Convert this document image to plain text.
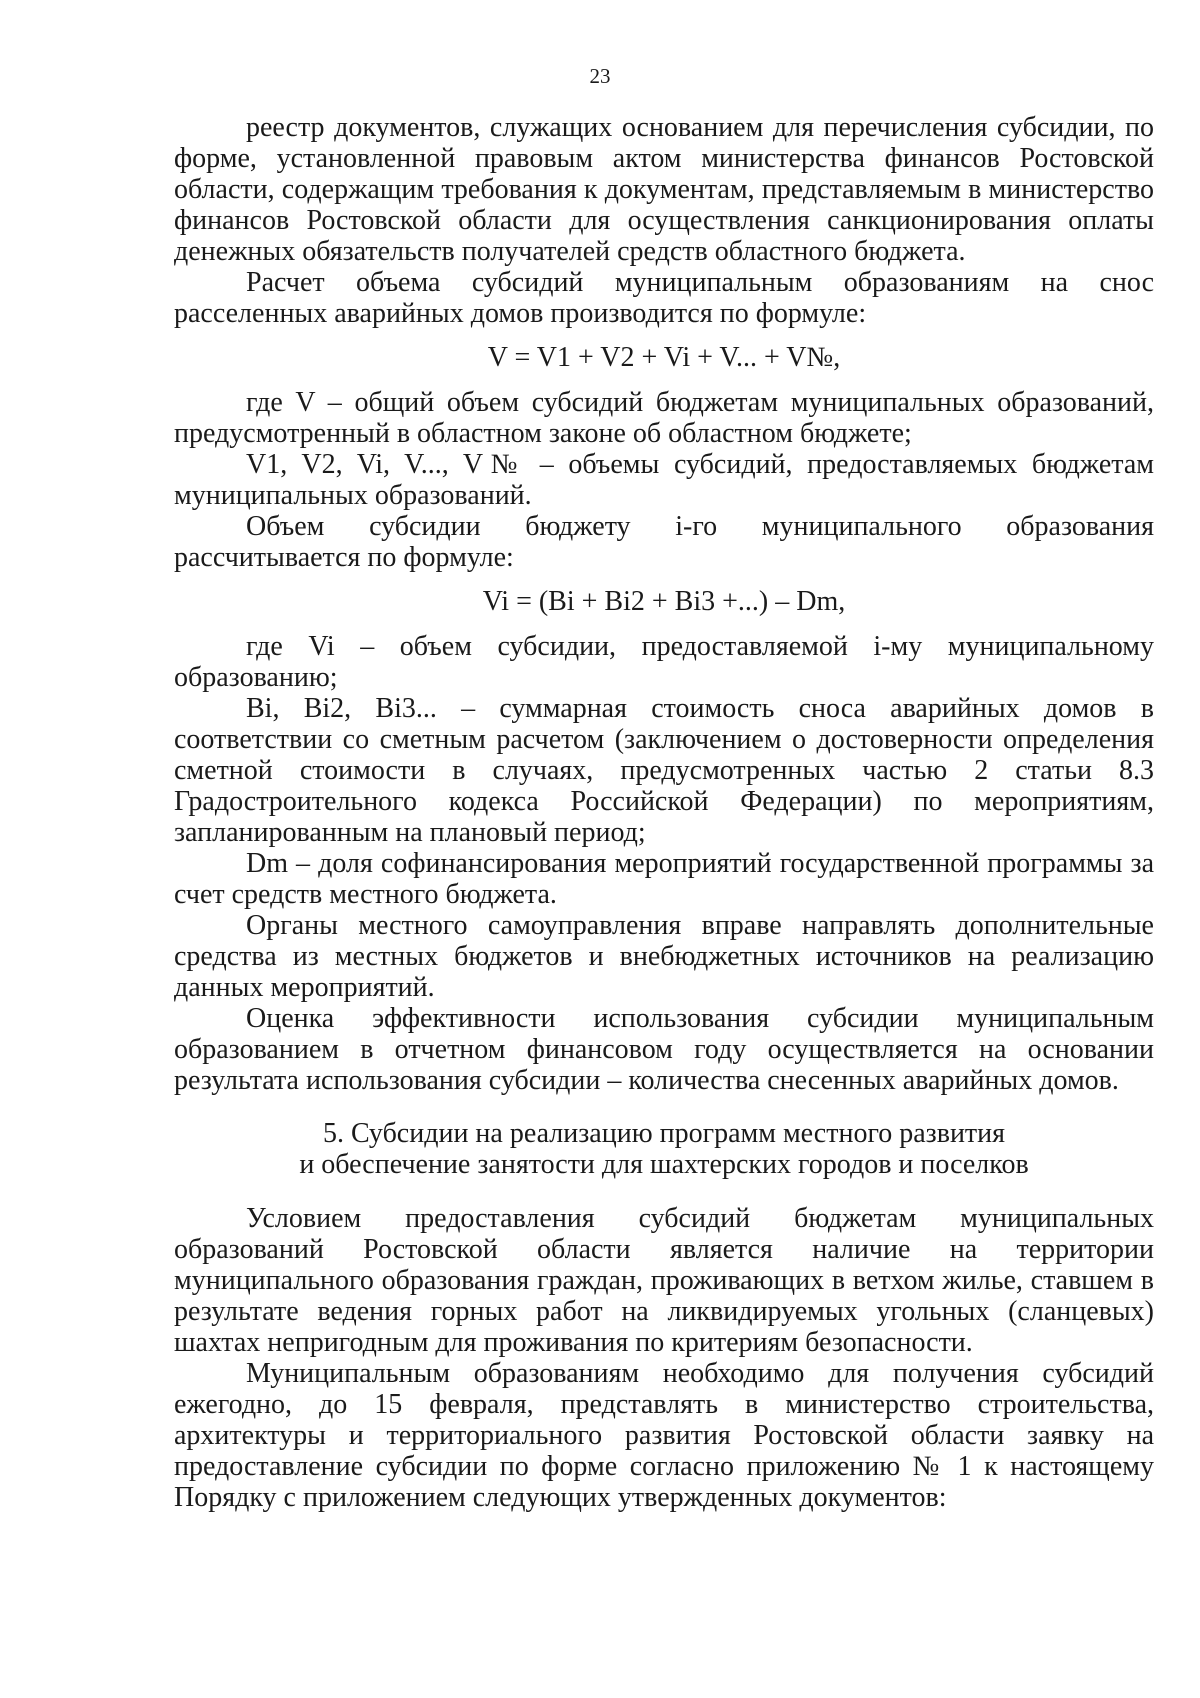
23

реестр документов, служащих основанием для перечисления субсидии, по форме, установленной правовым актом министерства финансов Ростовской области, содержащим требования к документам, представляемым в министерство финансов Ростовской области для осуществления санкционирования оплаты денежных обязательств получателей средств областного бюджета.

Расчет объема субсидий муниципальным образованиям на снос расселенных аварийных домов производится по формуле:

V = V1 + V2 + Vi + V... + V№,

где V – общий объем субсидий бюджетам муниципальных образований, предусмотренный в областном законе об областном бюджете;

V1, V2, Vi, V..., V№ – объемы субсидий, предоставляемых бюджетам муниципальных образований.

Объем субсидии бюджету i-го муниципального образования рассчитывается по формуле:

Vi = (Bi + Bi2 + Bi3 +...) – Dm,

где Vi – объем субсидии, предоставляемой i-му муниципальному образованию;

Bi, Bi2, Bi3... – суммарная стоимость сноса аварийных домов в соответствии со сметным расчетом (заключением о достоверности определения сметной стоимости в случаях, предусмотренных частью 2 статьи 8.3 Градостроительного кодекса Российской Федерации) по мероприятиям, запланированным на плановый период;

Dm – доля софинансирования мероприятий государственной программы за счет средств местного бюджета.

Органы местного самоуправления вправе направлять дополнительные средства из местных бюджетов и внебюджетных источников на реализацию данных мероприятий.

Оценка эффективности использования субсидии муниципальным образованием в отчетном финансовом году осуществляется на основании результата использования субсидии – количества снесенных аварийных домов.

5. Субсидии на реализацию программ местного развития
и обеспечение занятости для шахтерских городов и поселков

Условием предоставления субсидий бюджетам муниципальных образований Ростовской области является наличие на территории муниципального образования граждан, проживающих в ветхом жилье, ставшем в результате ведения горных работ на ликвидируемых угольных (сланцевых) шахтах непригодным для проживания по критериям безопасности.

Муниципальным образованиям необходимо для получения субсидий ежегодно, до 15 февраля, представлять в министерство строительства, архитектуры и территориального развития Ростовской области заявку на предоставление субсидии по форме согласно приложению № 1 к настоящему Порядку с приложением следующих утвержденных документов:
